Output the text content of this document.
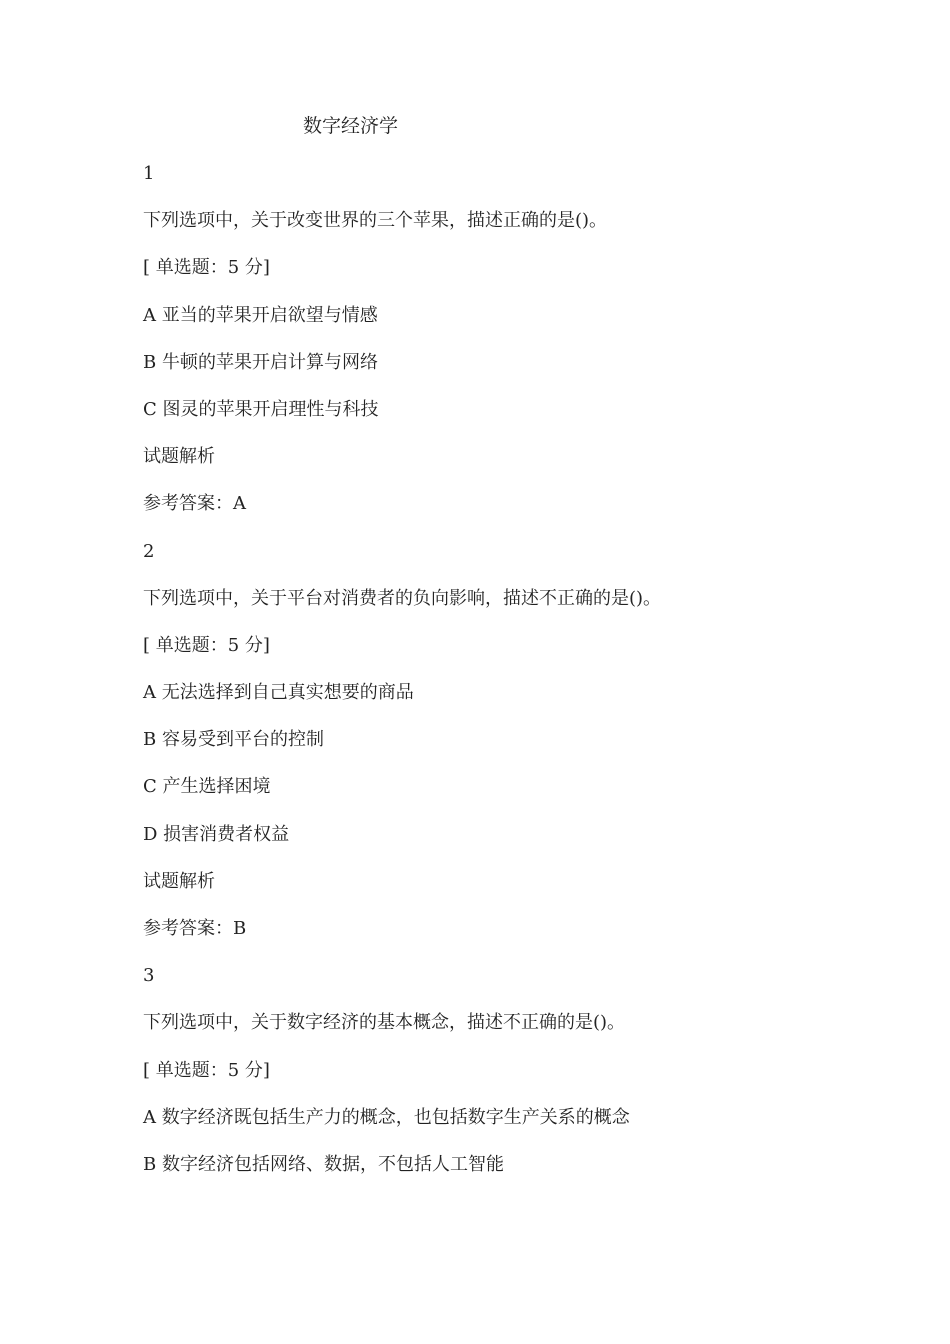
数字经济学
1
下列选项中，关于改变世界的三个苹果，描述正确的是()。
[ 单选题：5 分]
A 亚当的苹果开启欲望与情感
B 牛顿的苹果开启计算与网络
C 图灵的苹果开启理性与科技
试题解析
参考答案：A
2
下列选项中，关于平台对消费者的负向影响，描述不正确的是()。
[ 单选题：5 分]
A 无法选择到自己真实想要的商品
B 容易受到平台的控制
C 产生选择困境
D 损害消费者权益
试题解析
参考答案：B
3
下列选项中，关于数字经济的基本概念，描述不正确的是()。
[ 单选题：5 分]
A 数字经济既包括生产力的概念，也包括数字生产关系的概念
B 数字经济包括网络、数据，不包括人工智能
